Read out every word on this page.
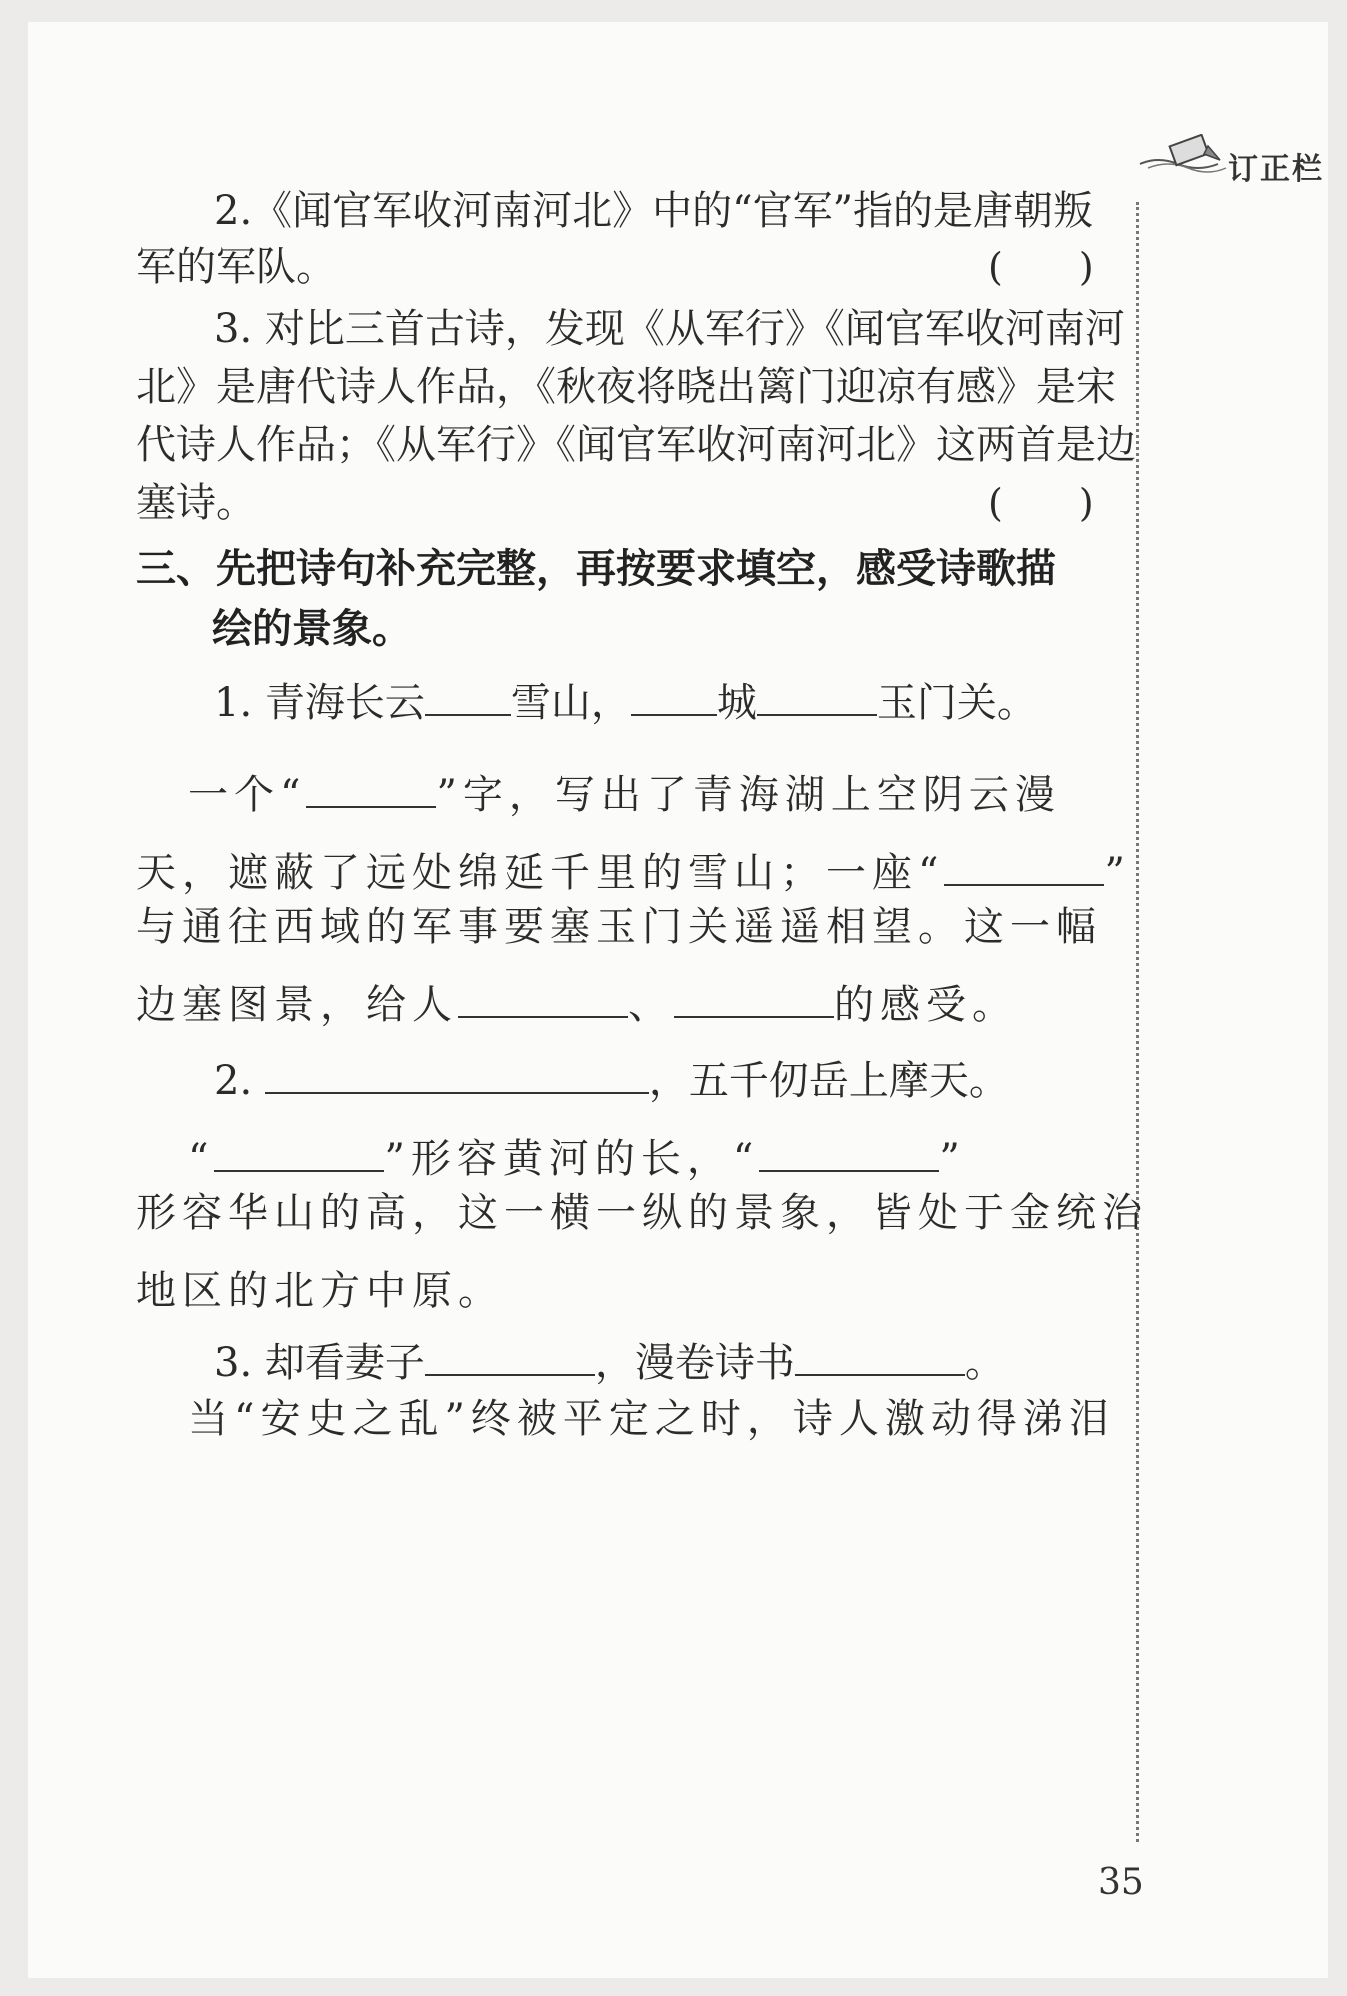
订正栏
2.《闻官军收河南河北》中的“官军”指的是唐朝叛
军的军队。	(　　)
3. 对比三首古诗，发现《从军行》《闻官军收河南河
北》是唐代诗人作品，《秋夜将晓出篱门迎凉有感》是宋
代诗人作品；《从军行》《闻官军收河南河北》这两首是边
塞诗。	(　　)
三、先把诗句补充完整，再按要求填空，感受诗歌描
绘的景象。
1. 青海长云 雪山， 城	玉门关。
一个“	”字，写出了青海湖上空阴云漫
天，遮蔽了远处绵延千里的雪山；一座“	”
与通往西域的军事要塞玉门关遥遥相望。这一幅
边塞图景，给人	、	的感受。
2.	，五千仞岳上摩天。
“	”形容黄河的长，“	”
形容华山的高，这一横一纵的景象，皆处于金统治
地区的北方中原。
3. 却看妻子	，漫卷诗书	。
当“安史之乱”终被平定之时，诗人激动得涕泪
35
